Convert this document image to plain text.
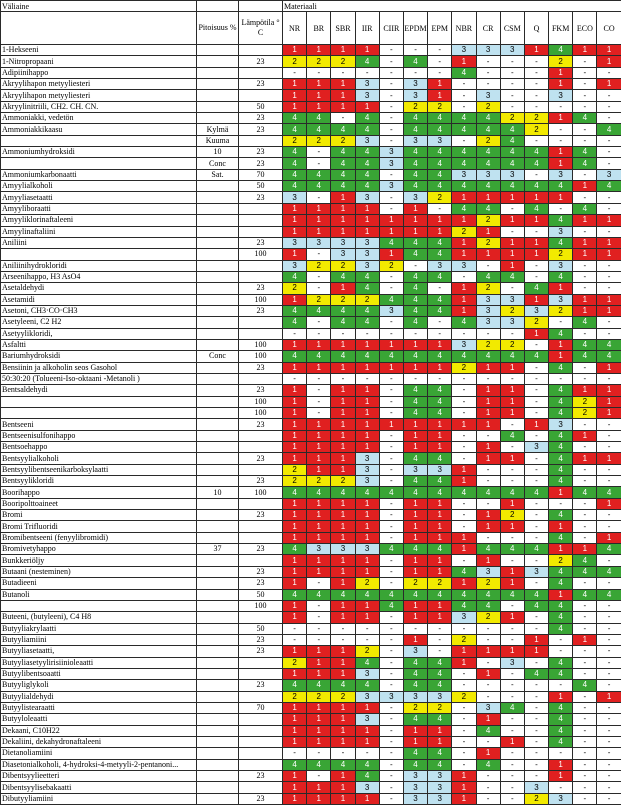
Väliaine			Materiaali													
	Pitoisuus %	Lämpötila ° C	NR	BR	SBR	IIR	CIIR	EPDM	EPM	NBR	CR	CSM	Q	FKM	ECO	CO
1-Hekseeni			1	1	1	1	-	-	-	3	3	3	1	4	1	1
1-Nitropropaani		23	2	2	2	4	-	4	-	1	-	-	-	2	-	1
Adipiinihappo			-	-	-	-	-	-	-	4	-	-	-	1	-	-
Akryylihapon metyyliesteri		23	1	1	1	3	-	3	1	-	-	-	-	1	-	1
Akryylihapon metyyliesteri			1	1	1	3	-	3	1	-	3	-	-	3	-	-
Akryylinitriili, CH2. CH. CN.		50	1	1	1	1	-	2	2	-	2	-	-	-	-	-
Ammoniakki, vedetön		23	4	4	-	4	-	4	4	4	4	2	2	1	4	-
Ammoniakkikaasu	Kylmä	23	4	4	4	4	-	4	4	4	4	4	2	-	-	4
	Kuuma		2	2	2	3	-	3	3	-	2	4	-	-	-	-
Ammoniumhydroksidi	10	23	4	-	4	4	3	4	4	4	4	4	4	1	4	-
	Conc	23	4	-	4	4	3	4	4	4	4	4	4	1	4	-
Ammoniumkarbonaatti	Sat.	70	4	4	4	4	-	4	4	3	3	3	-	3	-	3
Amyylialkoholi		50	4	4	4	4	3	4	4	4	4	4	4	4	1	4
Amyyliasetaatti		23	3	-	1	3	-	3	2	1	1	1	1	1	-	-
Amyyliboraatti			1	1	1	1	-	1	-	4	4	-	4	-	4	-
Amyyliklorinaftaleeni			1	1	1	1	1	1	1	1	2	1	1	4	1	1
Amyylinaftaliini			1	1	1	1	1	1	1	2	1	-	-	3	-	-
Aniliini		23	3	3	3	3	4	4	4	1	2	1	1	4	1	1
		100	1	-	3	3	1	4	4	1	1	1	1	2	1	1
Aniliinihydrokloridi			3	2	2	3	2	-	3	3	-	1	-	3	-	-
Arseenihappo, H3 AsO4			4	-	4	4	-	4	4	-	4	4	-	4	-	-
Asetaldehydi		23	2	-	1	4	-	4	-	1	2	-	4	1	-	-
Asetamidi		100	1	2	2	2	4	4	4	1	3	3	1	3	1	1
Asetoni, CH3·CO·CH3		23	4	4	4	4	3	4	4	1	3	2	3	2	1	1
Asetyleeni, C2 H2			4	-	4	4	-	4	-	4	3	3	2	-	4	-
Asetyylikloridi,			-	-	-	-	-	-	-	-	-	-	1	4	-	-
Asfaltti		100	1	1	1	1	1	1	1	3	2	2	-	1	4	4
Bariumhydroksidi	Conc	100	4	4	4	4	4	4	4	4	4	4	4	1	4	4
Bensiinin ja alkoholin seos Gasohol		23	1	1	1	1	1	1	1	2	1	1	-	4	-	1
50:30:20 (Tolueeni-Iso-oktaani -Metanoli )			-	-	-	-	-	-	-	-	-	-	-	-	-	-
Bentsaldehydi		23	1	-	1	1	-	4	4	-	1	1	-	4	1	1
		100	1	-	1	1	-	4	4	-	1	1	-	4	2	1
		100	1	-	1	1	-	4	4	-	1	1	-	4	2	1
Bentseeni		23	1	1	1	1	1	1	1	1	1	-	1	3	-	-
Bentseenisulfonihappo			1	1	1	1	-	1	1	-	-	4	-	4	1	-
Bentsoehappo			1	1	1	1	-	1	1	-	1	-	3	4	-	-
Bentsyylialkoholi		23	1	1	1	3	-	4	4	-	1	1	-	4	1	1
Bentsyylibentseenikarboksylaatti			2	1	1	3	-	3	3	1	-	-	-	4	-	-
Bentsyylikloridi		23	2	2	2	3	-	4	4	1	-	-	-	4	-	-
Boorihappo	10	100	4	4	4	4	4	4	4	4	4	4	4	1	4	4
Booripolttoaineet			1	1	1	1	-	1	1	-	-	1	-	-	-	1
Bromi		23	1	1	1	1	-	1	1	-	1	2	-	4	-	-
Bromi Trifluoridi			1	1	1	1	-	1	1	-	1	1	-	1	-	-
Bromibentseeni (fenyylibromidi)			1	1	1	1	-	1	1	1	-	-	-	4	-	1
Bromivetyhappo	37	23	4	3	3	3	4	4	4	1	4	4	4	1	1	4
Bunkkeriöljy			1	1	1	1	-	1	1	-	1	-	-	2	4	-
Butaani (nesteminen)		23	1	1	1	1	-	1	1	4	3	1	3	4	4	4
Butadieeni		23	1	-	1	2	-	2	2	1	2	1	-	4	-	-
Butanoli		50	4	4	4	4	4	4	4	4	4	4	4	1	4	4
		100	1	-	1	1	4	1	1	4	4	-	4	4	-	-
Buteeni, (butyleeni), C4 H8			1	-	1	1	-	1	1	3	2	1	-	4	-	-
Butyyliakrylaatti		50	-	-	-	-	-	-	-	-	-	-	-	4	-	-
Butyyliamiini		23	-	-	-	-	-	1	-	2	-	-	1	-	1	-
Butyyliasetaatti,		23	1	1	1	2	-	3	-	1	1	1	1	-	-	-
Butyyliasetyylirisiinioleaatti			2	1	1	4	-	4	4	1	-	3	-	4	-	-
Butyylibentsoaatti			1	1	1	3	-	4	4	-	1	-	4	4	-	-
Butyyliglykoli		23	4	4	4	4	-	4	4	-	-	-	-	-	4	-
Butyylialdehydi			2	2	2	3	3	3	3	2	-	-	-	1	-	1
Butyylistearaatti		70	1	1	1	1	-	2	2	-	3	4	-	4	-	-
Butyyloleaatti			1	1	1	3	-	4	4	-	1	-	-	4	-	-
Dekaani, C10H22			1	1	1	1	-	1	1	-	4	-	-	4	-	-
Dekaliini, dekahydronaftaleeni			1	1	1	1	-	1	1	-	-	1	-	4	-	-
Dietanoliamiini			-	-	-	-	-	4	4	-	1	-	-	-	-	-
Diasetonialkoholi, 4-hydroksi-4-metyyli-2-pentanoni...			4	4	4	4	-	4	4	-	4	-	-	1	-	-
Dibentsyylieetteri		23	1	-	1	4	-	3	3	1	-	-	-	1	-	-
Dibentsyylisebakaatti			1	1	1	3	-	3	3	1	-	-	3	-	-	-
Dibutyyliamiini		23	1	1	1	1	-	3	3	1	-	-	2	3	-	-
